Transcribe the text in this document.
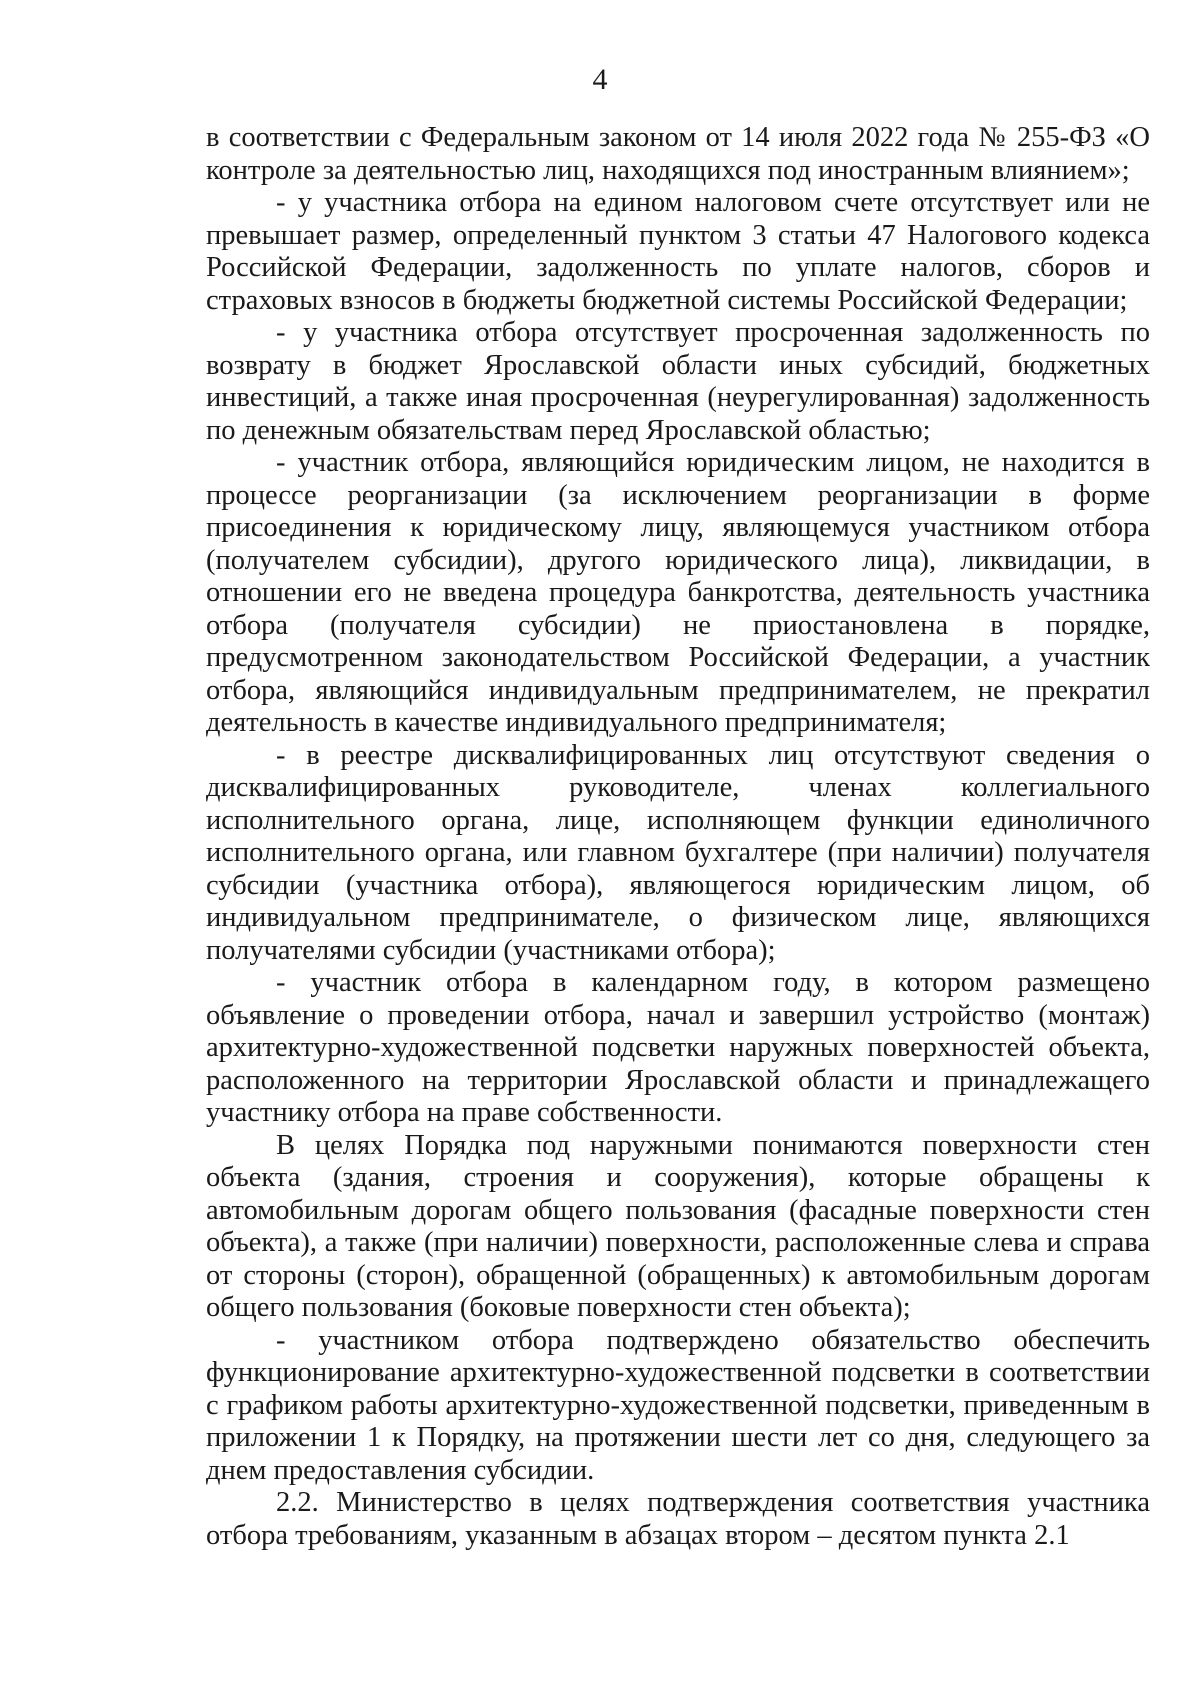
4

в соответствии с Федеральным законом от 14 июля 2022 года № 255-ФЗ «О контроле за деятельностью лиц, находящихся под иностранным влиянием»;

- у участника отбора на едином налоговом счете отсутствует или не превышает размер, определенный пунктом 3 статьи 47 Налогового кодекса Российской Федерации, задолженность по уплате налогов, сборов и страховых взносов в бюджеты бюджетной системы Российской Федерации;

- у участника отбора отсутствует просроченная задолженность по возврату в бюджет Ярославской области иных субсидий, бюджетных инвестиций, а также иная просроченная (неурегулированная) задолженность по денежным обязательствам перед Ярославской областью;

- участник отбора, являющийся юридическим лицом, не находится в процессе реорганизации (за исключением реорганизации в форме присоединения к юридическому лицу, являющемуся участником отбора (получателем субсидии), другого юридического лица), ликвидации, в отношении его не введена процедура банкротства, деятельность участника отбора (получателя субсидии) не приостановлена в порядке, предусмотренном законодательством Российской Федерации, а участник отбора, являющийся индивидуальным предпринимателем, не прекратил деятельность в качестве индивидуального предпринимателя;

- в реестре дисквалифицированных лиц отсутствуют сведения о дисквалифицированных руководителе, членах коллегиального исполнительного органа, лице, исполняющем функции единоличного исполнительного органа, или главном бухгалтере (при наличии) получателя субсидии (участника отбора), являющегося юридическим лицом, об индивидуальном предпринимателе, о физическом лице, являющихся получателями субсидии (участниками отбора);

- участник отбора в календарном году, в котором размещено объявление о проведении отбора, начал и завершил устройство (монтаж) архитектурно-художественной подсветки наружных поверхностей объекта, расположенного на территории Ярославской области и принадлежащего участнику отбора на праве собственности.

В целях Порядка под наружными понимаются поверхности стен объекта (здания, строения и сооружения), которые обращены к автомобильным дорогам общего пользования (фасадные поверхности стен объекта), а также (при наличии) поверхности, расположенные слева и справа от стороны (сторон), обращенной (обращенных) к автомобильным дорогам общего пользования (боковые поверхности стен объекта);

- участником отбора подтверждено обязательство обеспечить функционирование архитектурно-художественной подсветки в соответствии с графиком работы архитектурно-художественной подсветки, приведенным в приложении 1 к Порядку, на протяжении шести лет со дня, следующего за днем предоставления субсидии.

2.2. Министерство в целях подтверждения соответствия участника отбора требованиям, указанным в абзацах втором – десятом пункта 2.1
